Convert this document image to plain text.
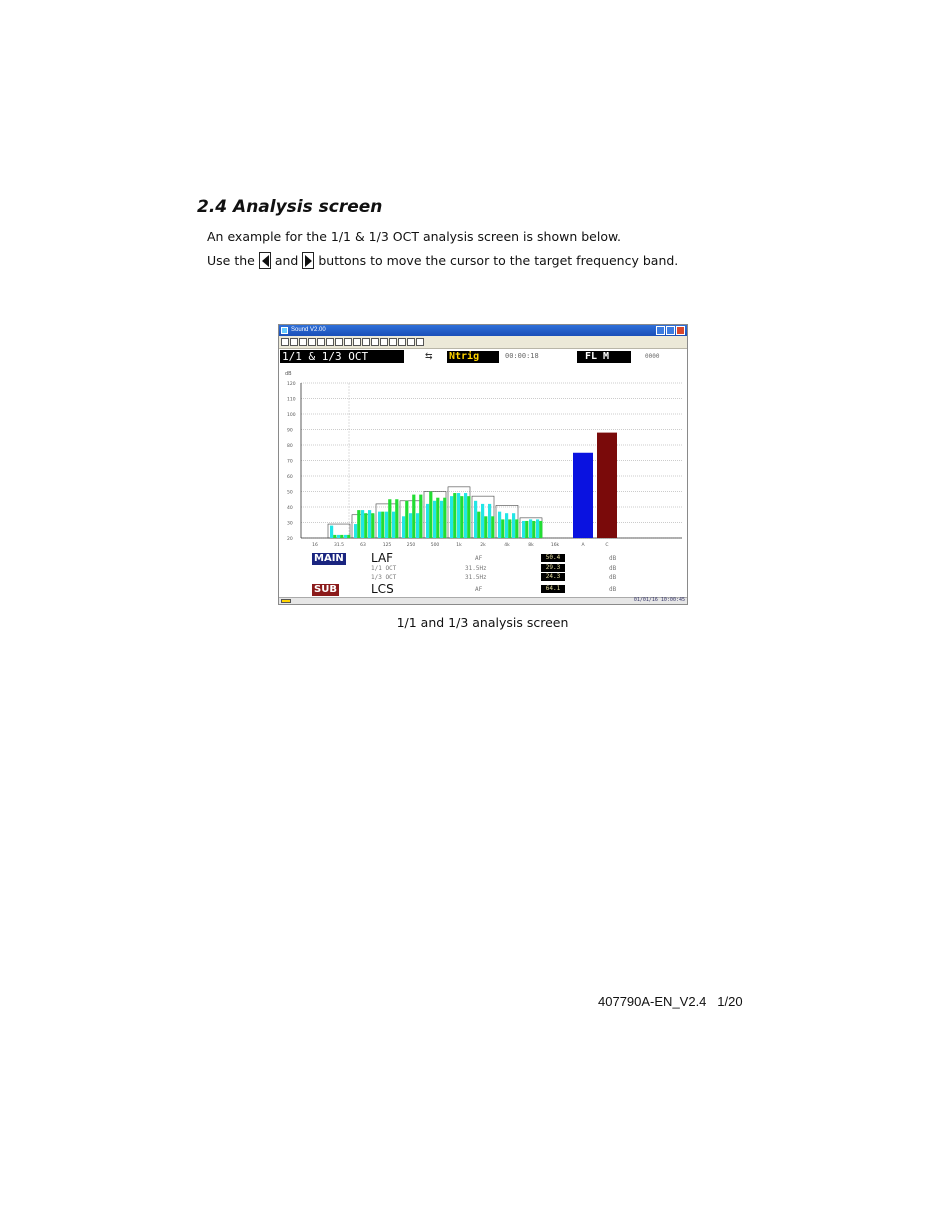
2.4 Analysis screen
An example for the 1/1 & 1/3 OCT analysis screen is shown below.
Use the and buttons to move the cursor to the target frequency band.
Sound V2.00
1/1 & 1/3 OCT	⇆ Ntrig	00:00:18	FL M	0000
dB
120
110
100
90
80
70
60
50
40
30
20
16	31.5	63	125	250	500	1k	2k	4k	8k	16k	A	C
MAIN LAF	AF	50.4	dB
1/1 OCT	31.5Hz	29.3	dB
1/3 OCT	31.5Hz	24.3	dB
SUB	LCS	AF	64.1	dB
01/01/16 10:00:45
1/1 and 1/3 analysis screen
407790A-EN_V2.4   1/20
